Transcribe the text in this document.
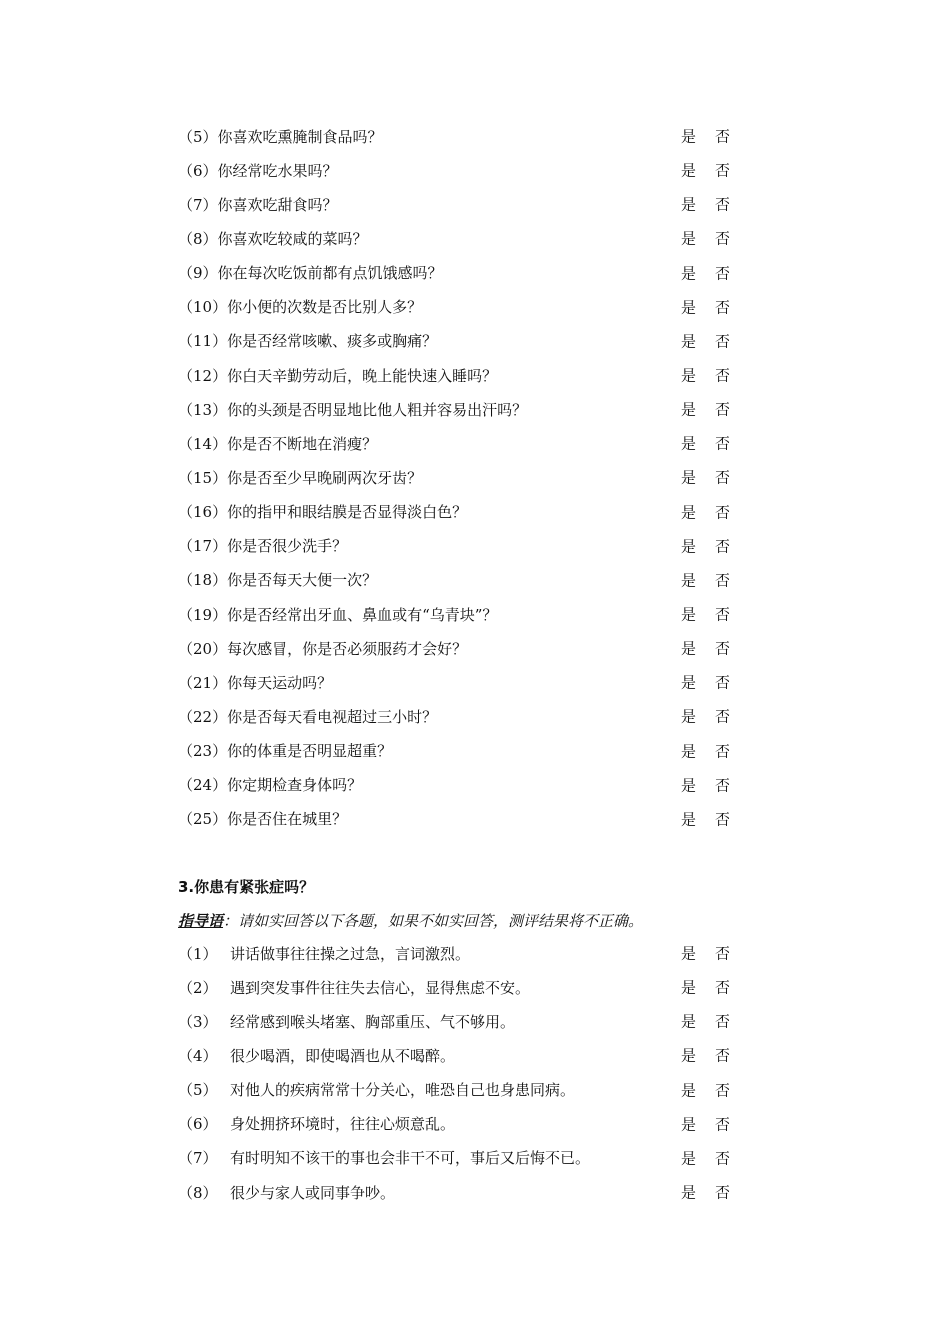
（5） 你喜欢吃熏腌制食品吗？	是 否
（6） 你经常吃水果吗？	是 否
（7） 你喜欢吃甜食吗？	是 否
（8） 你喜欢吃较咸的菜吗？	是 否
（9） 你在每次吃饭前都有点饥饿感吗？	是 否
（10） 你小便的次数是否比别人多？	是 否
（11） 你是否经常咳嗽、痰多或胸痛？	是 否
（12） 你白天辛勤劳动后，晚上能快速入睡吗？	是 否
（13） 你的头颈是否明显地比他人粗并容易出汗吗？	是 否
（14） 你是否不断地在消瘦？	是 否
（15） 你是否至少早晚刷两次牙齿？	是 否
（16） 你的指甲和眼结膜是否显得淡白色？	是 否
（17） 你是否很少洗手？	是 否
（18） 你是否每天大便一次？	是 否
（19） 你是否经常出牙血、鼻血或有“乌青块”？	是 否
（20） 每次感冒，你是否必须服药才会好？	是 否
（21） 你每天运动吗？	是 否
（22） 你是否每天看电视超过三小时？	是 否
（23） 你的体重是否明显超重？	是 否
（24） 你定期检查身体吗？	是 否
（25） 你是否住在城里？	是 否
3.你患有紧张症吗？
指导语：请如实回答以下各题，如果不如实回答，测评结果将不正确。
（1） 讲话做事往往操之过急，言词激烈。	是 否
（2） 遇到突发事件往往失去信心，显得焦虑不安。	是 否
（3） 经常感到喉头堵塞、胸部重压、气不够用。	是 否
（4） 很少喝酒，即使喝酒也从不喝醉。	是 否
（5） 对他人的疾病常常十分关心，唯恐自己也身患同病。	是 否
（6） 身处拥挤环境时，往往心烦意乱。	是 否
（7） 有时明知不该干的事也会非干不可，事后又后悔不已。	是 否
（8） 很少与家人或同事争吵。	是 否
